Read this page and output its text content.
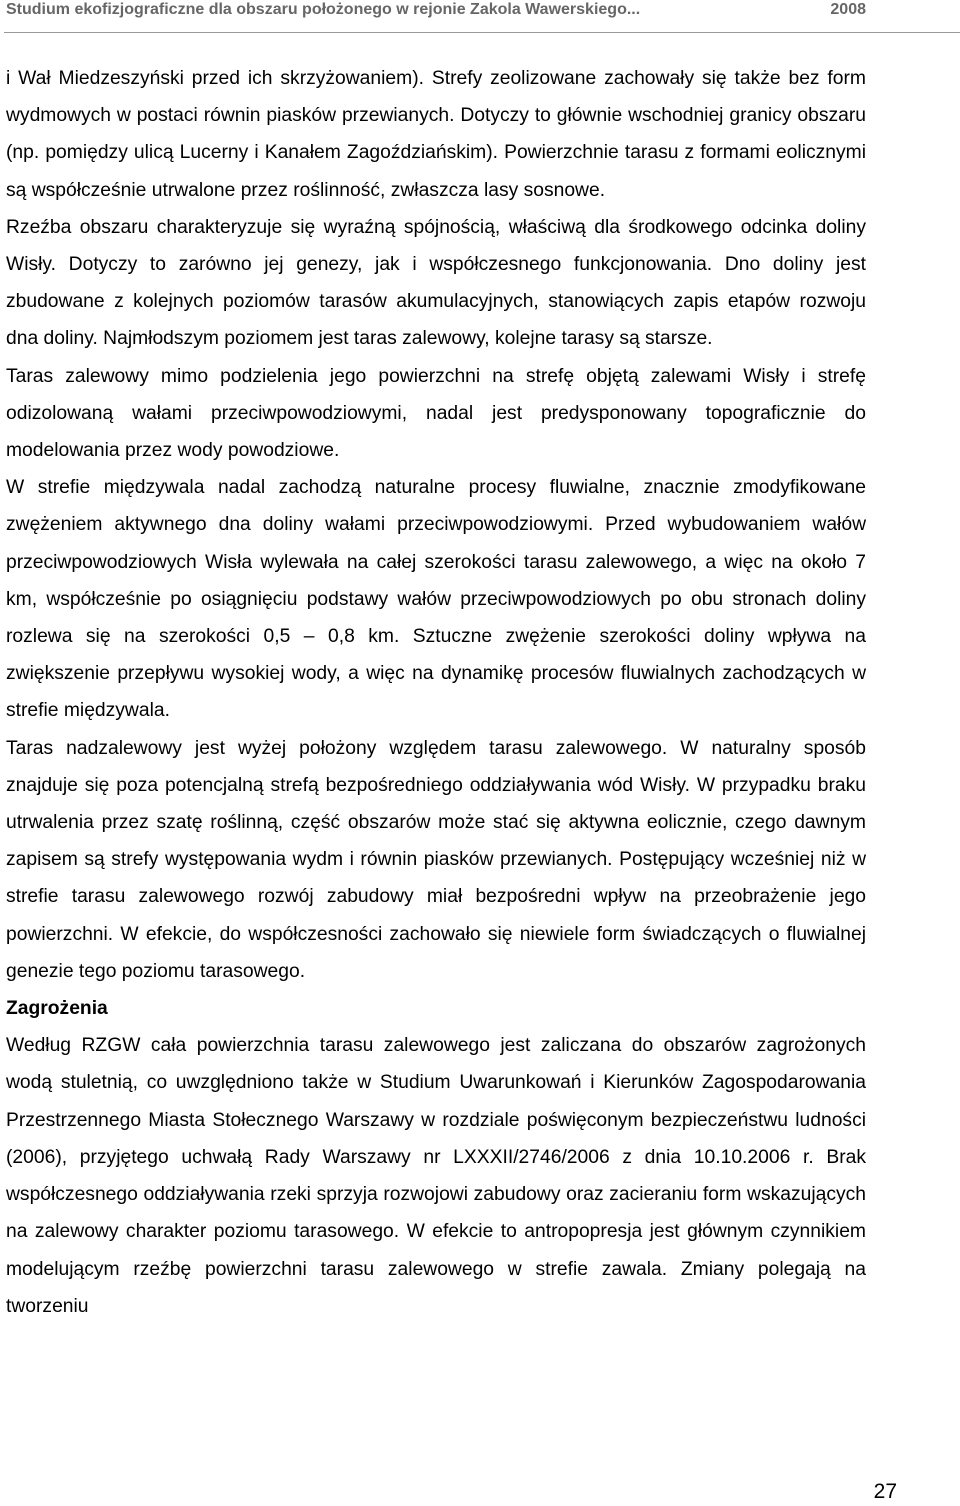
Studium ekofizjograficzne dla obszaru położonego w rejonie Zakola Wawerskiego...	2008

i Wał Miedzeszyński przed ich skrzyżowaniem). Strefy zeolizowane zachowały się także bez form wydmowych w postaci równin piasków przewianych. Dotyczy to głównie wschodniej granicy obszaru (np. pomiędzy ulicą Lucerny i Kanałem Zagoździańskim). Powierzchnie tarasu z formami eolicznymi są współcześnie utrwalone przez roślinność, zwłaszcza lasy sosnowe.

Rzeźba obszaru charakteryzuje się wyraźną spójnością, właściwą dla środkowego odcinka doliny Wisły. Dotyczy to zarówno jej genezy, jak i współczesnego funkcjonowania. Dno doliny jest zbudowane z kolejnych poziomów tarasów akumulacyjnych, stanowiących zapis etapów rozwoju dna doliny. Najmłodszym poziomem jest taras zalewowy, kolejne tarasy są starsze.

Taras zalewowy mimo podzielenia jego powierzchni na strefę objętą zalewami Wisły i strefę odizolowaną wałami przeciwpowodziowymi, nadal jest predysponowany topograficznie do modelowania przez wody powodziowe.

W strefie międzywala nadal zachodzą naturalne procesy fluwialne, znacznie zmodyfikowane zwężeniem aktywnego dna doliny wałami przeciwpowodziowymi. Przed wybudowaniem wałów przeciwpowodziowych Wisła wylewała na całej szerokości tarasu zalewowego, a więc na około 7 km, współcześnie po osiągnięciu podstawy wałów przeciwpowodziowych po obu stronach doliny rozlewa się na szerokości 0,5 – 0,8 km. Sztuczne zwężenie szerokości doliny wpływa na zwiększenie przepływu wysokiej wody, a więc na dynamikę procesów fluwialnych zachodzących w strefie międzywala.

Taras nadzalewowy jest wyżej położony względem tarasu zalewowego. W naturalny sposób znajduje się poza potencjalną strefą bezpośredniego oddziaływania wód Wisły. W przypadku braku utrwalenia przez szatę roślinną, część obszarów może stać się aktywna eolicznie, czego dawnym zapisem są strefy występowania wydm i równin piasków przewianych. Postępujący wcześniej niż w strefie tarasu zalewowego rozwój zabudowy miał bezpośredni wpływ na przeobrażenie jego powierzchni. W efekcie, do współczesności zachowało się niewiele form świadczących o fluwialnej genezie tego poziomu tarasowego.

Zagrożenia

Według RZGW cała powierzchnia tarasu zalewowego jest zaliczana do obszarów zagrożonych wodą stuletnią, co uwzględniono także w Studium Uwarunkowań i Kierunków Zagospodarowania Przestrzennego Miasta Stołecznego Warszawy w rozdziale poświęconym bezpieczeństwu ludności (2006), przyjętego uchwałą Rady Warszawy nr LXXXII/2746/2006 z dnia 10.10.2006 r. Brak współczesnego oddziaływania rzeki sprzyja rozwojowi zabudowy oraz zacieraniu form wskazujących na zalewowy charakter poziomu tarasowego. W efekcie to antropopresja jest głównym czynnikiem modelującym rzeźbę powierzchni tarasu zalewowego w strefie zawala. Zmiany polegają na tworzeniu

27
